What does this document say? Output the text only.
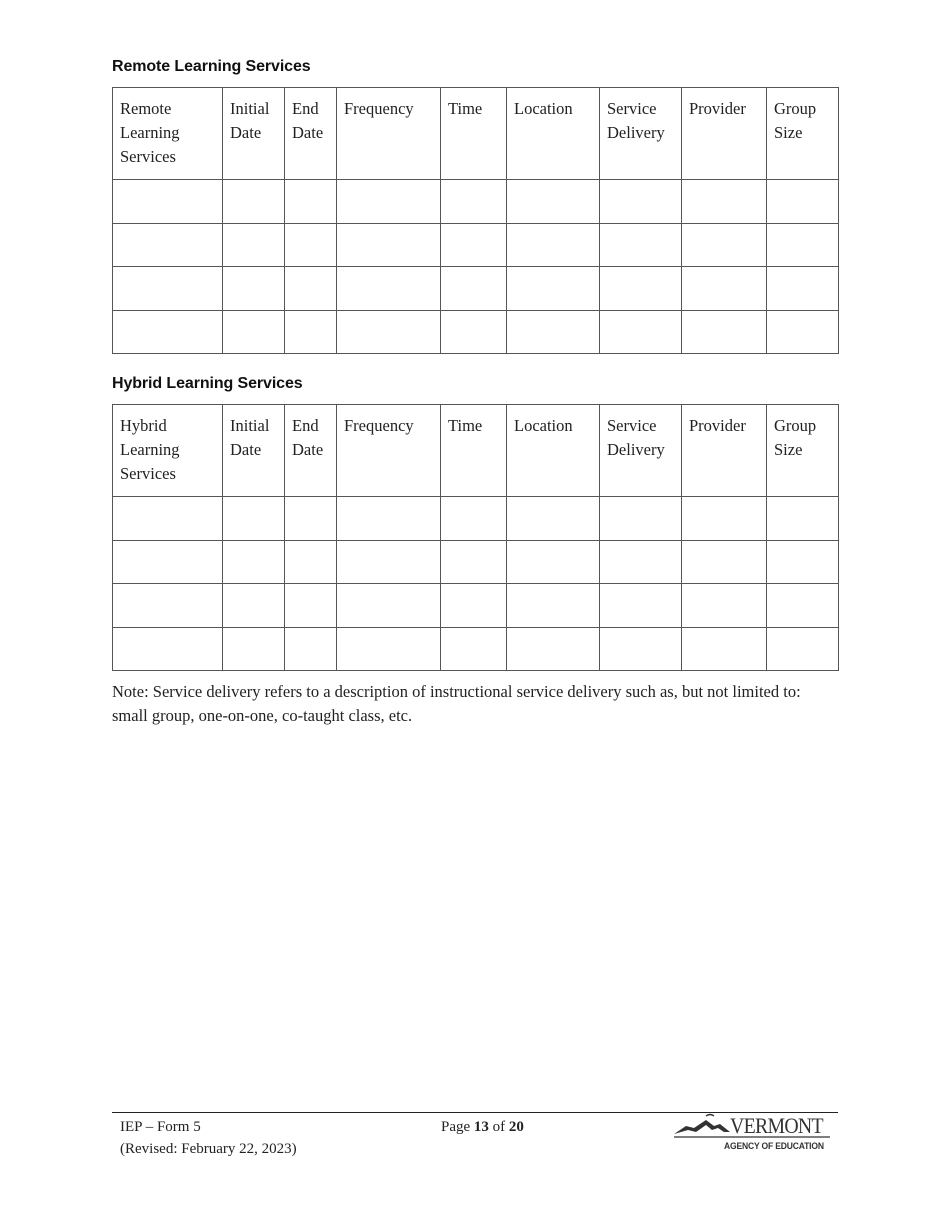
Remote Learning Services
Remote Learning Services	Initial Date	End Date	Frequency	Time	Location	Service Delivery	Provider	Group Size

Hybrid Learning Services
Hybrid Learning Services	Initial Date	End Date	Frequency	Time	Location	Service Delivery	Provider	Group Size

Note: Service delivery refers to a description of instructional service delivery such as, but not limited to: small group, one-on-one, co-taught class, etc.
IEP – Form 5
(Revised: February 22, 2023)
Page 13 of 20	VERMONT
AGENCY OF EDUCATION
